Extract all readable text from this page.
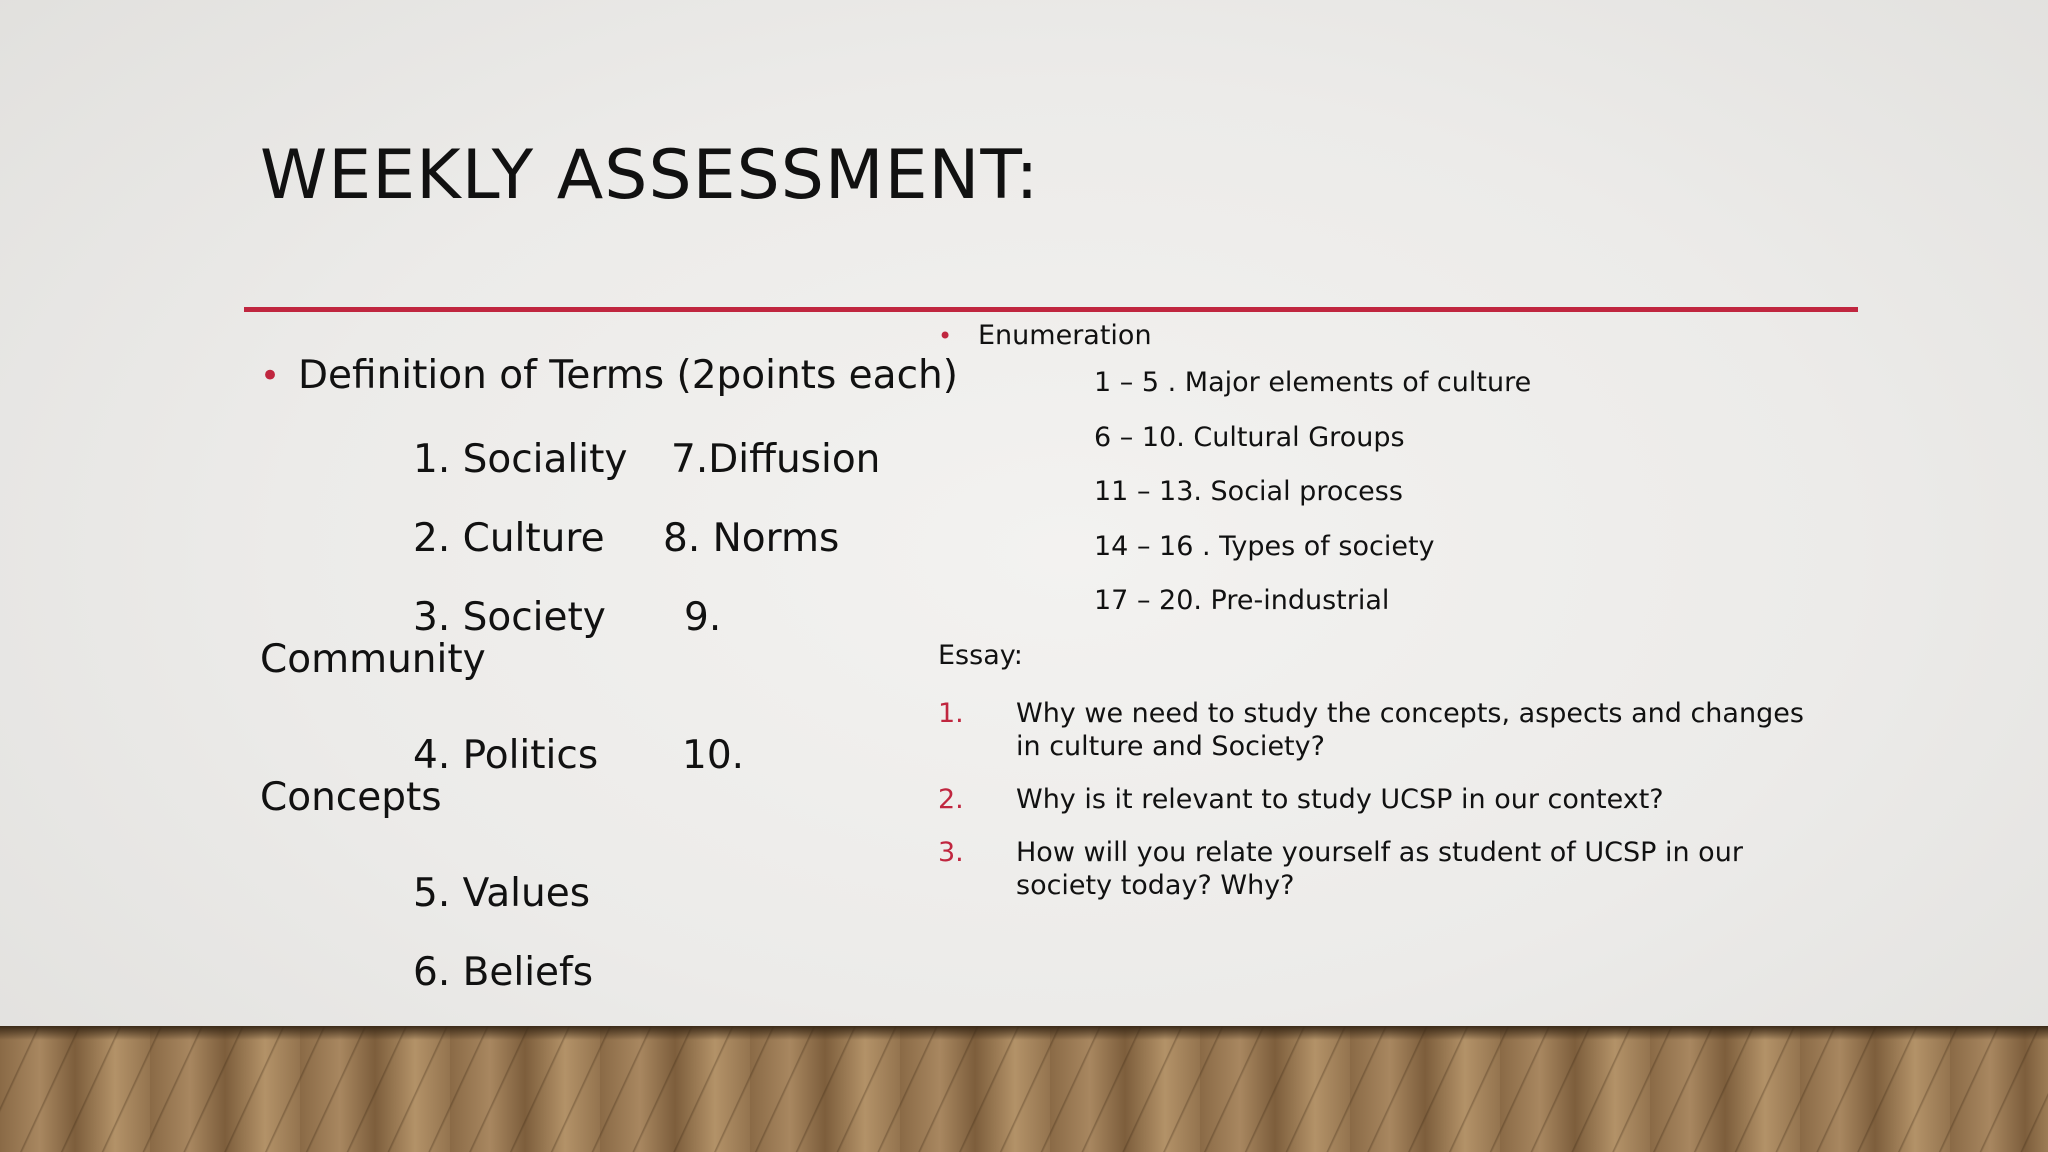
WEEKLY ASSESSMENT:
• Definition of Terms (2points each)
1. Sociality 7.Diffusion
2. Culture 8. Norms
3. Society 9.
Community
4. Politics 10.
Concepts
5. Values
6. Beliefs
• Enumeration
1 – 5 . Major elements of culture
6 – 10. Cultural Groups
11 – 13. Social process
14 – 16 . Types of society
17 – 20. Pre-industrial
Essay:
1. Why we need to study the concepts, aspects and changes in culture and Society?
2. Why is it relevant to study UCSP in our context?
3. How will you relate yourself as student of UCSP in our society today? Why?
